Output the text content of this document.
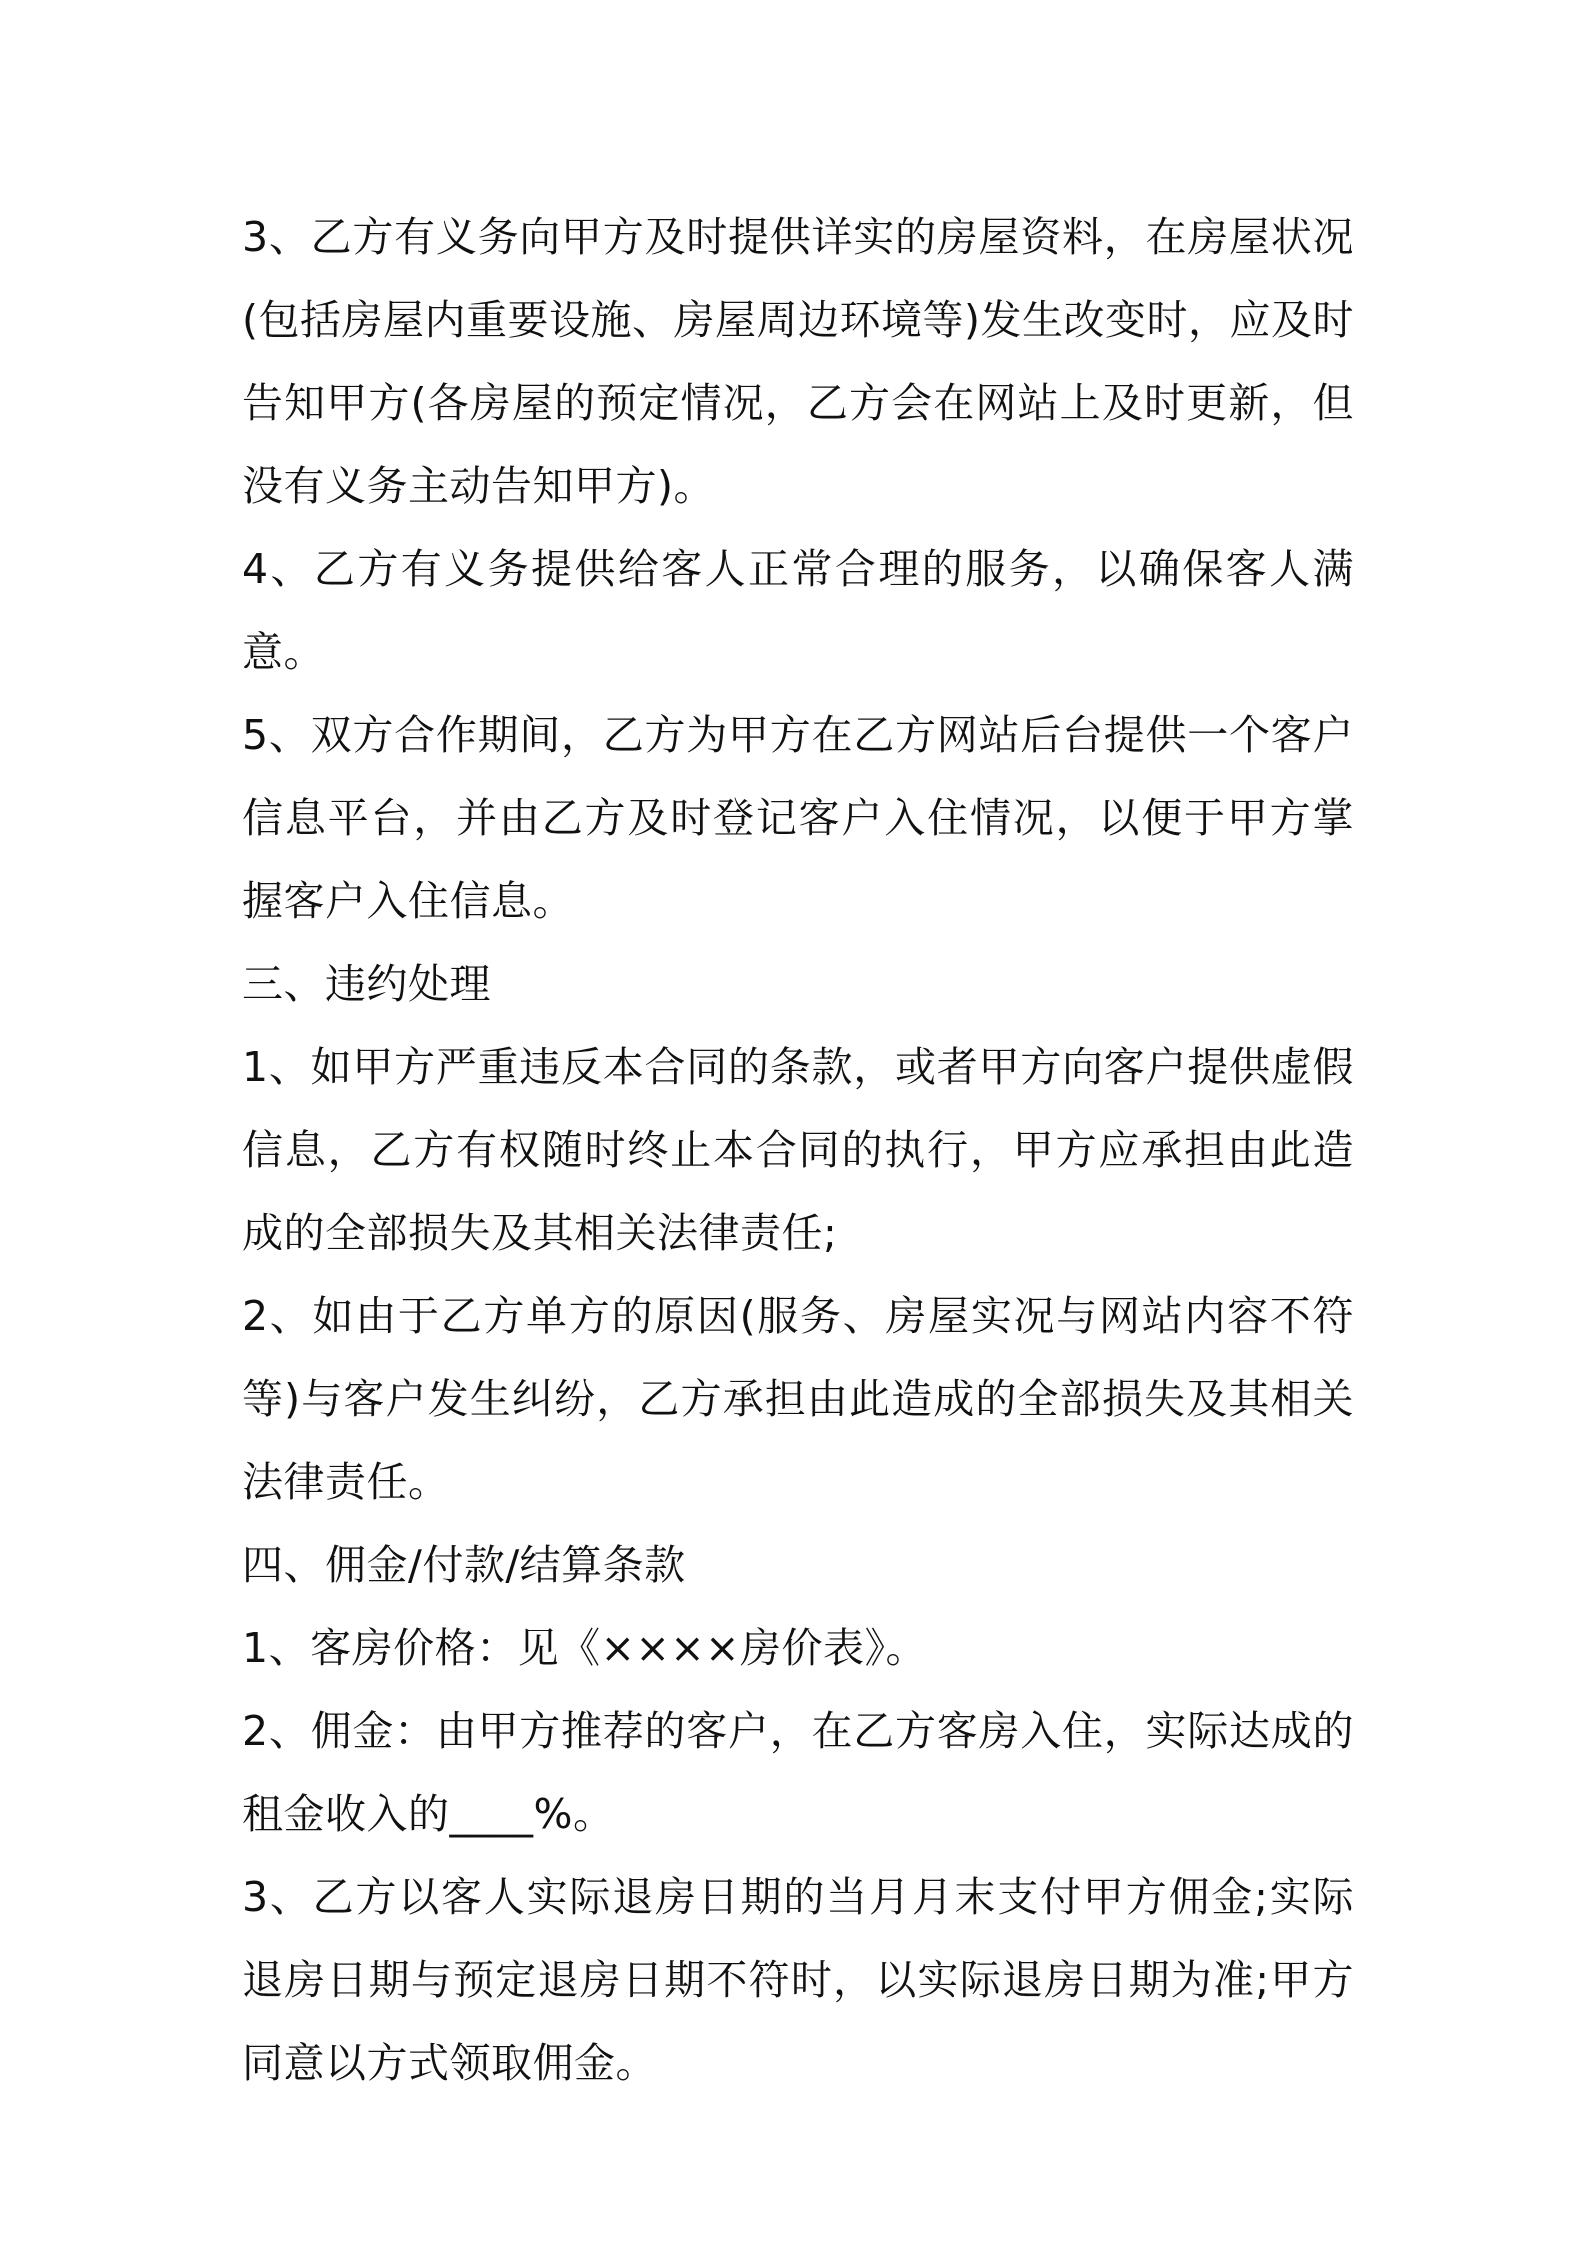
3、乙方有义务向甲方及时提供详实的房屋资料，在房屋状况(包括房屋内重要设施、房屋周边环境等)发生改变时，应及时告知甲方(各房屋的预定情况，乙方会在网站上及时更新，但没有义务主动告知甲方)。

4、乙方有义务提供给客人正常合理的服务，以确保客人满意。

5、双方合作期间，乙方为甲方在乙方网站后台提供一个客户信息平台，并由乙方及时登记客户入住情况，以便于甲方掌握客户入住信息。

三、违约处理

1、如甲方严重违反本合同的条款，或者甲方向客户提供虚假信息，乙方有权随时终止本合同的执行，甲方应承担由此造成的全部损失及其相关法律责任;

2、如由于乙方单方的原因(服务、房屋实况与网站内容不符等)与客户发生纠纷，乙方承担由此造成的全部损失及其相关法律责任。

四、佣金/付款/结算条款

1、客房价格：见《××××房价表》。

2、佣金：由甲方推荐的客户，在乙方客房入住，实际达成的租金收入的____%。

3、乙方以客人实际退房日期的当月月末支付甲方佣金;实际退房日期与预定退房日期不符时，以实际退房日期为准;甲方同意以方式领取佣金。
